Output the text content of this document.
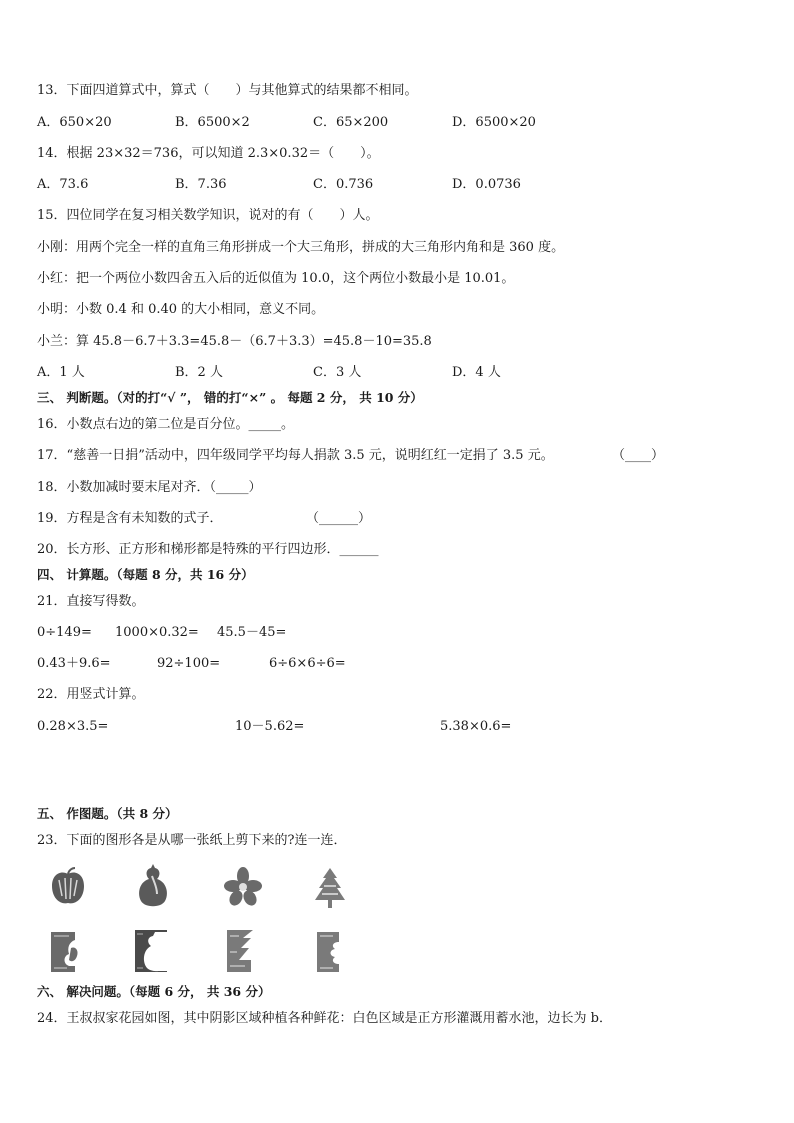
13．下面四道算式中，算式（　　）与其他算式的结果都不相同。
A．650×20	B．6500×2	C．65×200	D．6500×20
14．根据 23×32＝736，可以知道 2.3×0.32＝（　　）。
A．73.6	B．7.36	C．0.736	D．0.0736
15．四位同学在复习相关数学知识，说对的有（　　）人。
小刚：用两个完全一样的直角三角形拼成一个大三角形，拼成的大三角形内角和是 360 度。
小红：把一个两位小数四舍五入后的近似值为 10.0，这个两位小数最小是 10.01。
小明：小数 0.4 和 0.40 的大小相同，意义不同。
小兰：算 45.8－6.7＋3.3=45.8－（6.7＋3.3）=45.8－10=35.8
A．1 人	B．2 人	C．3 人	D．4 人
三、 判断题。（对的打“√ ”， 错的打“×” 。 每题 2 分， 共 10 分）
16．小数点右边的第二位是百分位。_____。
17．“慈善一日捐”活动中，四年级同学平均每人捐款 3.5 元，说明红红一定捐了 3.5 元。	（____）
18．小数加减时要末尾对齐．（_____）
19．方程是含有未知数的式子．	（______）
20．长方形、正方形和梯形都是特殊的平行四边形．______
四、 计算题。（每题 8 分，共 16 分）
21．直接写得数。
0÷149= 1000×0.32= 45.5－45=
0.43＋9.6=	92÷100=	6÷6×6÷6=
22．用竖式计算。
0.28×3.5=	10－5.62=	5.38×0.6=
五、 作图题。（共 8 分）
23．下面的图形各是从哪一张纸上剪下来的?连一连．
六、 解决问题。（每题 6 分， 共 36 分）
24．王叔叔家花园如图，其中阴影区域种植各种鲜花：白色区域是正方形灌溉用蓄水池，边长为 b．
